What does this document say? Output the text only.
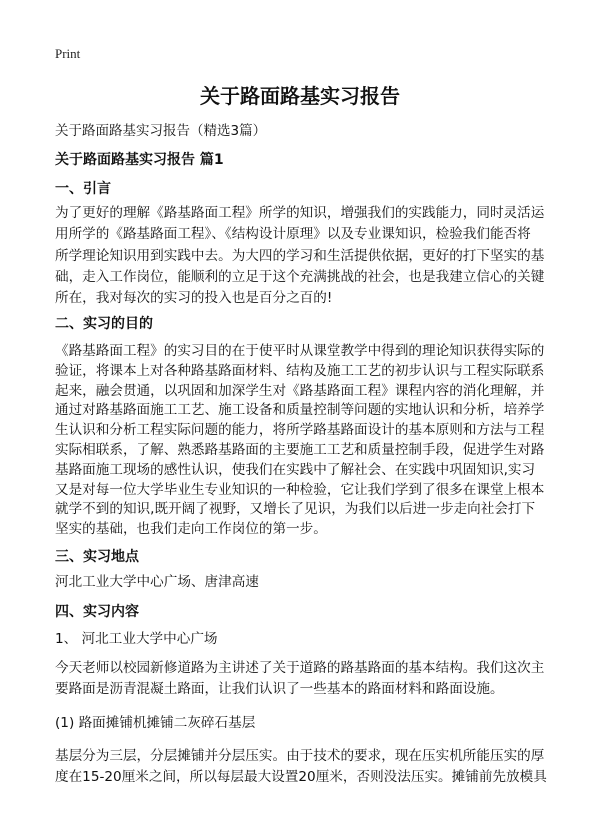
Print
关于路面路基实习报告
关于路面路基实习报告（精选3篇）
关于路面路基实习报告 篇1
一、引言
为了更好的理解《路基路面工程》所学的知识，增强我们的实践能力，同时灵活运
用所学的《路基路面工程》、《结构设计原理》以及专业课知识，检验我们能否将
所学理论知识用到实践中去。为大四的学习和生活提供依据，更好的打下坚实的基
础，走入工作岗位，能顺利的立足于这个充满挑战的社会，也是我建立信心的关键
所在，我对每次的实习的投入也是百分之百的!
二、实习的目的
《路基路面工程》的实习目的在于使平时从课堂教学中得到的理论知识获得实际的
验证，将课本上对各种路基路面材料、结构及施工工艺的初步认识与工程实际联系
起来，融会贯通，以巩固和加深学生对《路基路面工程》课程内容的消化理解，并
通过对路基路面施工工艺、施工设备和质量控制等问题的实地认识和分析，培养学
生认识和分析工程实际问题的能力，将所学路基路面设计的基本原则和方法与工程
实际相联系，了解、熟悉路基路面的主要施工工艺和质量控制手段，促进学生对路
基路面施工现场的感性认识，使我们在实践中了解社会、在实践中巩固知识,实习
又是对每一位大学毕业生专业知识的一种检验，它让我们学到了很多在课堂上根本
就学不到的知识,既开阔了视野，又增长了见识，为我们以后进一步走向社会打下
坚实的基础，也我们走向工作岗位的第一步。
三、实习地点
河北工业大学中心广场、唐津高速
四、实习内容
1、 河北工业大学中心广场
今天老师以校园新修道路为主讲述了关于道路的路基路面的基本结构。我们这次主
要路面是沥青混凝土路面，让我们认识了一些基本的路面材料和路面设施。
(1) 路面摊铺机摊铺二灰碎石基层
基层分为三层，分层摊铺并分层压实。由于技术的要求，现在压实机所能压实的厚
度在15-20厘米之间，所以每层最大设置20厘米，否则没法压实。摊铺前先放模具
